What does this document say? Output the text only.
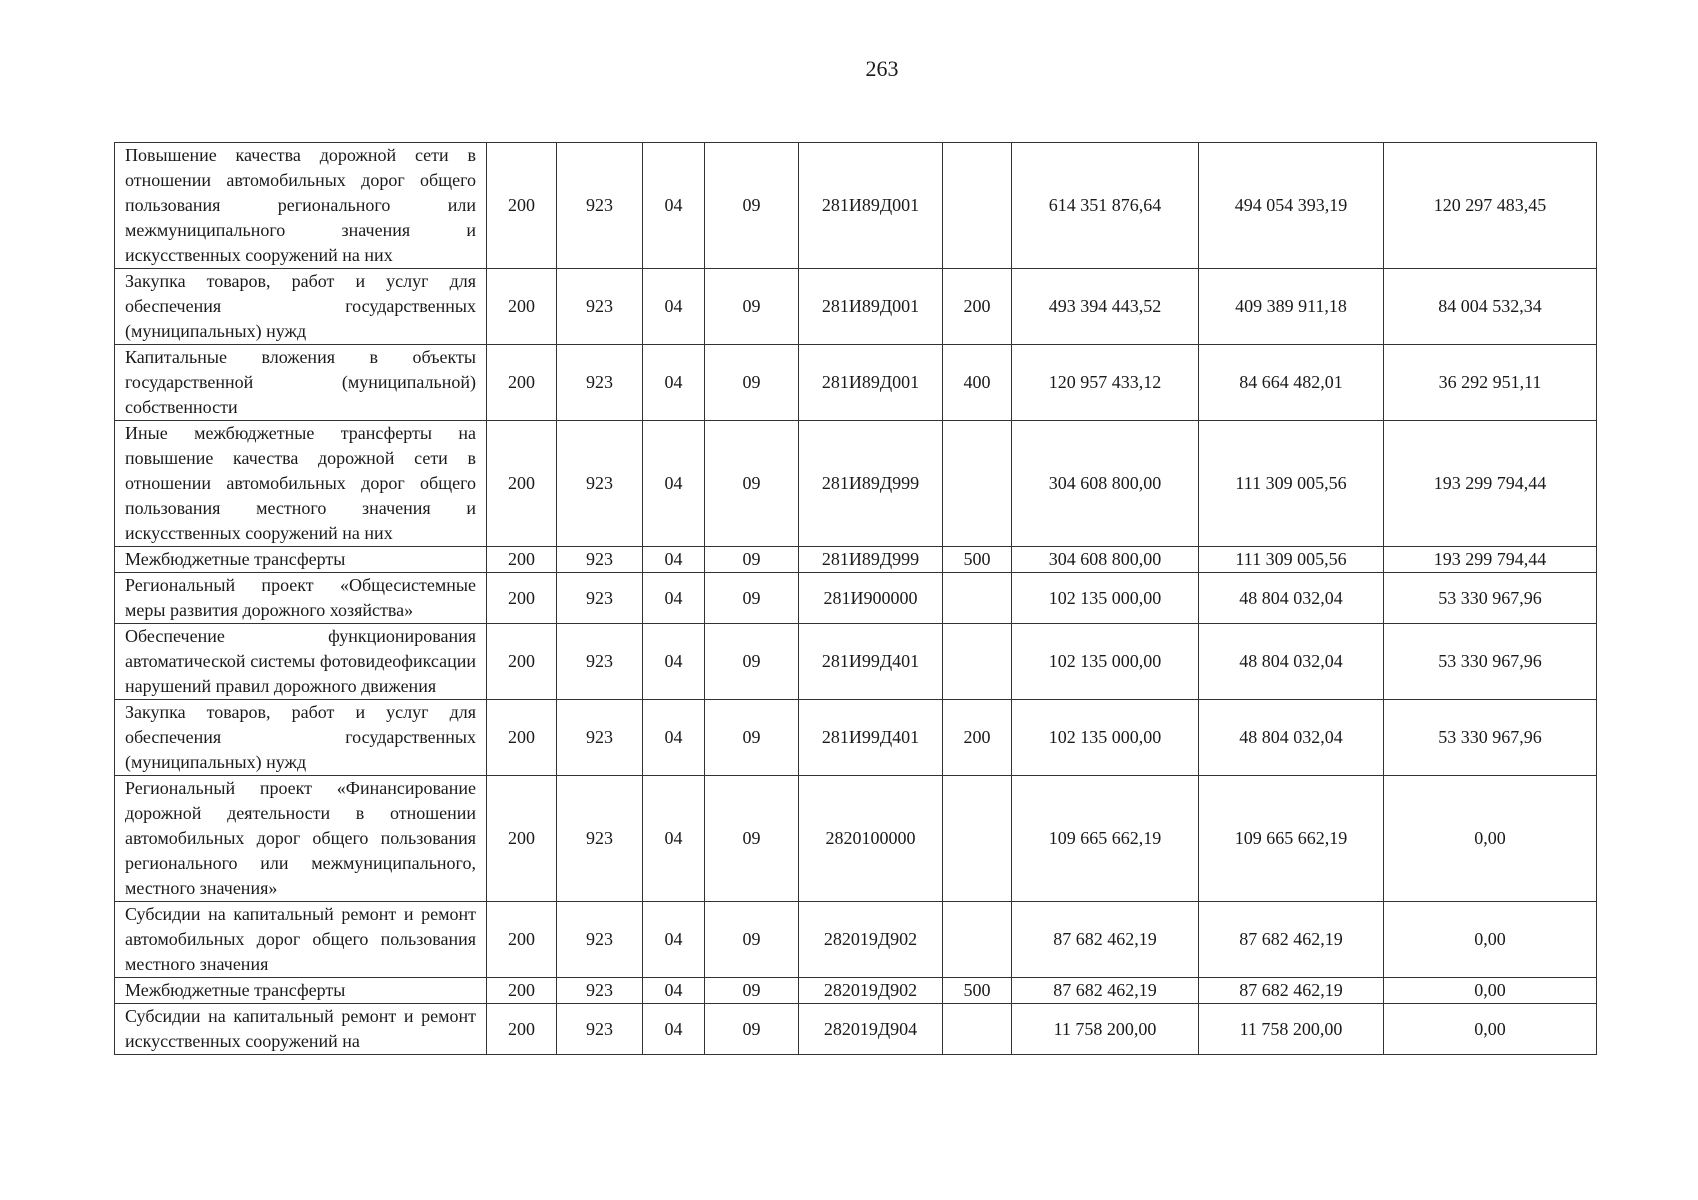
263
Повышение качества дорожной сети в отношении автомобильных дорог общего пользования регионального или межмуниципального значения и искусственных сооружений на них	200	923	04	09	281И89Д001		614 351 876,64	494 054 393,19	120 297 483,45

Закупка товаров, работ и услуг для обеспечения государственных (муниципальных) нужд	200	923	04	09	281И89Д001	200	493 394 443,52	409 389 911,18	84 004 532,34

Капитальные вложения в объекты государственной (муниципальной) собственности	200	923	04	09	281И89Д001	400	120 957 433,12	84 664 482,01	36 292 951,11

Иные межбюджетные трансферты на повышение качества дорожной сети в отношении автомобильных дорог общего пользования местного значения и искусственных сооружений на них	200	923	04	09	281И89Д999		304 608 800,00	111 309 005,56	193 299 794,44

Межбюджетные трансферты	200	923	04	09	281И89Д999	500	304 608 800,00	111 309 005,56	193 299 794,44

Региональный проект «Общесистемные меры развития дорожного хозяйства»	200	923	04	09	281И900000		102 135 000,00	48 804 032,04	53 330 967,96

Обеспечение функционирования автоматической системы фотовидеофиксации нарушений правил дорожного движения	200	923	04	09	281И99Д401		102 135 000,00	48 804 032,04	53 330 967,96

Закупка товаров, работ и услуг для обеспечения государственных (муниципальных) нужд	200	923	04	09	281И99Д401	200	102 135 000,00	48 804 032,04	53 330 967,96

Региональный проект «Финансирование дорожной деятельности в отношении автомобильных дорог общего пользования регионального или межмуниципального, местного значения»	200	923	04	09	2820100000		109 665 662,19	109 665 662,19	0,00

Субсидии на капитальный ремонт и ремонт автомобильных дорог общего пользования местного значения	200	923	04	09	282019Д902		87 682 462,19	87 682 462,19	0,00

Межбюджетные трансферты	200	923	04	09	282019Д902	500	87 682 462,19	87 682 462,19	0,00

Субсидии на капитальный ремонт и ремонт искусственных сооружений на	200	923	04	09	282019Д904		11 758 200,00	11 758 200,00	0,00
